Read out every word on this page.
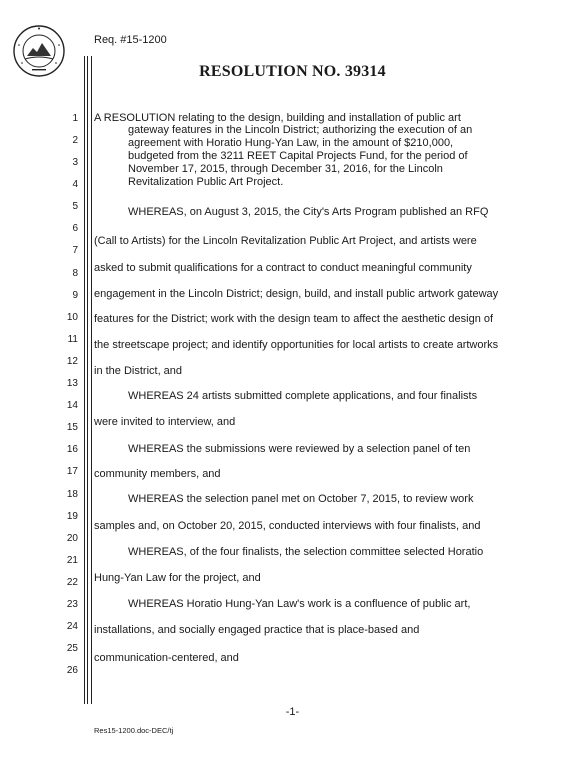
Req. #15-1200
RESOLUTION NO. 39314
1
2
3
4
5
6
7
8
9
10
11
12
13
14
15
16
17
18
19
20
21
22
23
24
25
26
A RESOLUTION relating to the design, building and installation of public art
gateway features in the Lincoln District; authorizing the execution of an
agreement with Horatio Hung-Yan Law, in the amount of $210,000,
budgeted from the 3211 REET Capital Projects Fund, for the period of
November 17, 2015, through December 31, 2016, for the Lincoln
Revitalization Public Art Project.
WHEREAS, on August 3, 2015, the City's Arts Program published an RFQ
(Call to Artists) for the Lincoln Revitalization Public Art Project, and artists were
asked to submit qualifications for a contract to conduct meaningful community
engagement in the Lincoln District; design, build, and install public artwork gateway
features for the District; work with the design team to affect the aesthetic design of
the streetscape project; and identify opportunities for local artists to create artworks
in the District, and
WHEREAS 24 artists submitted complete applications, and four finalists
were invited to interview, and
WHEREAS the submissions were reviewed by a selection panel of ten
community members, and
WHEREAS the selection panel met on October 7, 2015, to review work
samples and, on October 20, 2015, conducted interviews with four finalists, and
WHEREAS, of the four finalists, the selection committee selected Horatio
Hung-Yan Law for the project, and
WHEREAS Horatio Hung-Yan Law's work is a confluence of public art,
installations, and socially engaged practice that is place-based and
communication-centered, and
-1-
Res15-1200.doc-DEC/tj
